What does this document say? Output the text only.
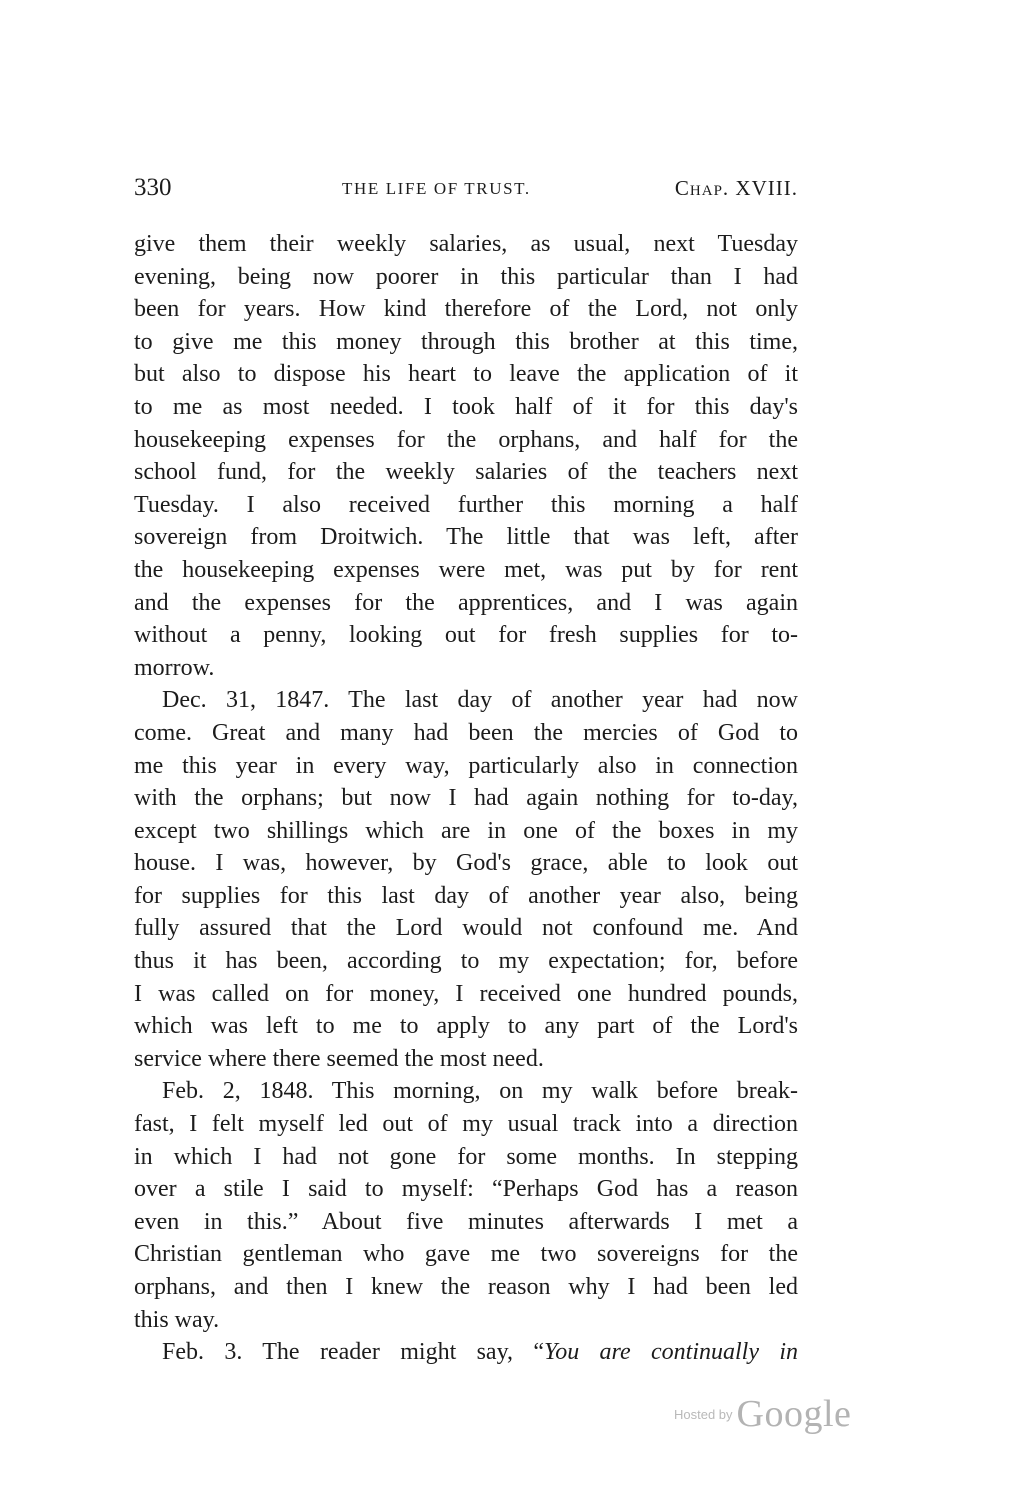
330	THE LIFE OF TRUST.	Chap. XVIII.
give them their weekly salaries, as usual, next Tuesday
evening, being now poorer in this particular than I had
been for years. How kind therefore of the Lord, not only
to give me this money through this brother at this time,
but also to dispose his heart to leave the application of it
to me as most needed. I took half of it for this day's
housekeeping expenses for the orphans, and half for the
school fund, for the weekly salaries of the teachers next
Tuesday. I also received further this morning a half
sovereign from Droitwich. The little that was left, after
the housekeeping expenses were met, was put by for rent
and the expenses for the apprentices, and I was again
without a penny, looking out for fresh supplies for to-
morrow.
Dec. 31, 1847. The last day of another year had now
come. Great and many had been the mercies of God to
me this year in every way, particularly also in connection
with the orphans; but now I had again nothing for to-day,
except two shillings which are in one of the boxes in my
house. I was, however, by God's grace, able to look out
for supplies for this last day of another year also, being
fully assured that the Lord would not confound me. And
thus it has been, according to my expectation; for, before
I was called on for money, I received one hundred pounds,
which was left to me to apply to any part of the Lord's
service where there seemed the most need.
Feb. 2, 1848. This morning, on my walk before break-
fast, I felt myself led out of my usual track into a direction
in which I had not gone for some months. In stepping
over a stile I said to myself: “Perhaps God has a reason
even in this.” About five minutes afterwards I met a
Christian gentleman who gave me two sovereigns for the
orphans, and then I knew the reason why I had been led
this way.
Feb. 3. The reader might say, “You are continually in
Hosted by Google
